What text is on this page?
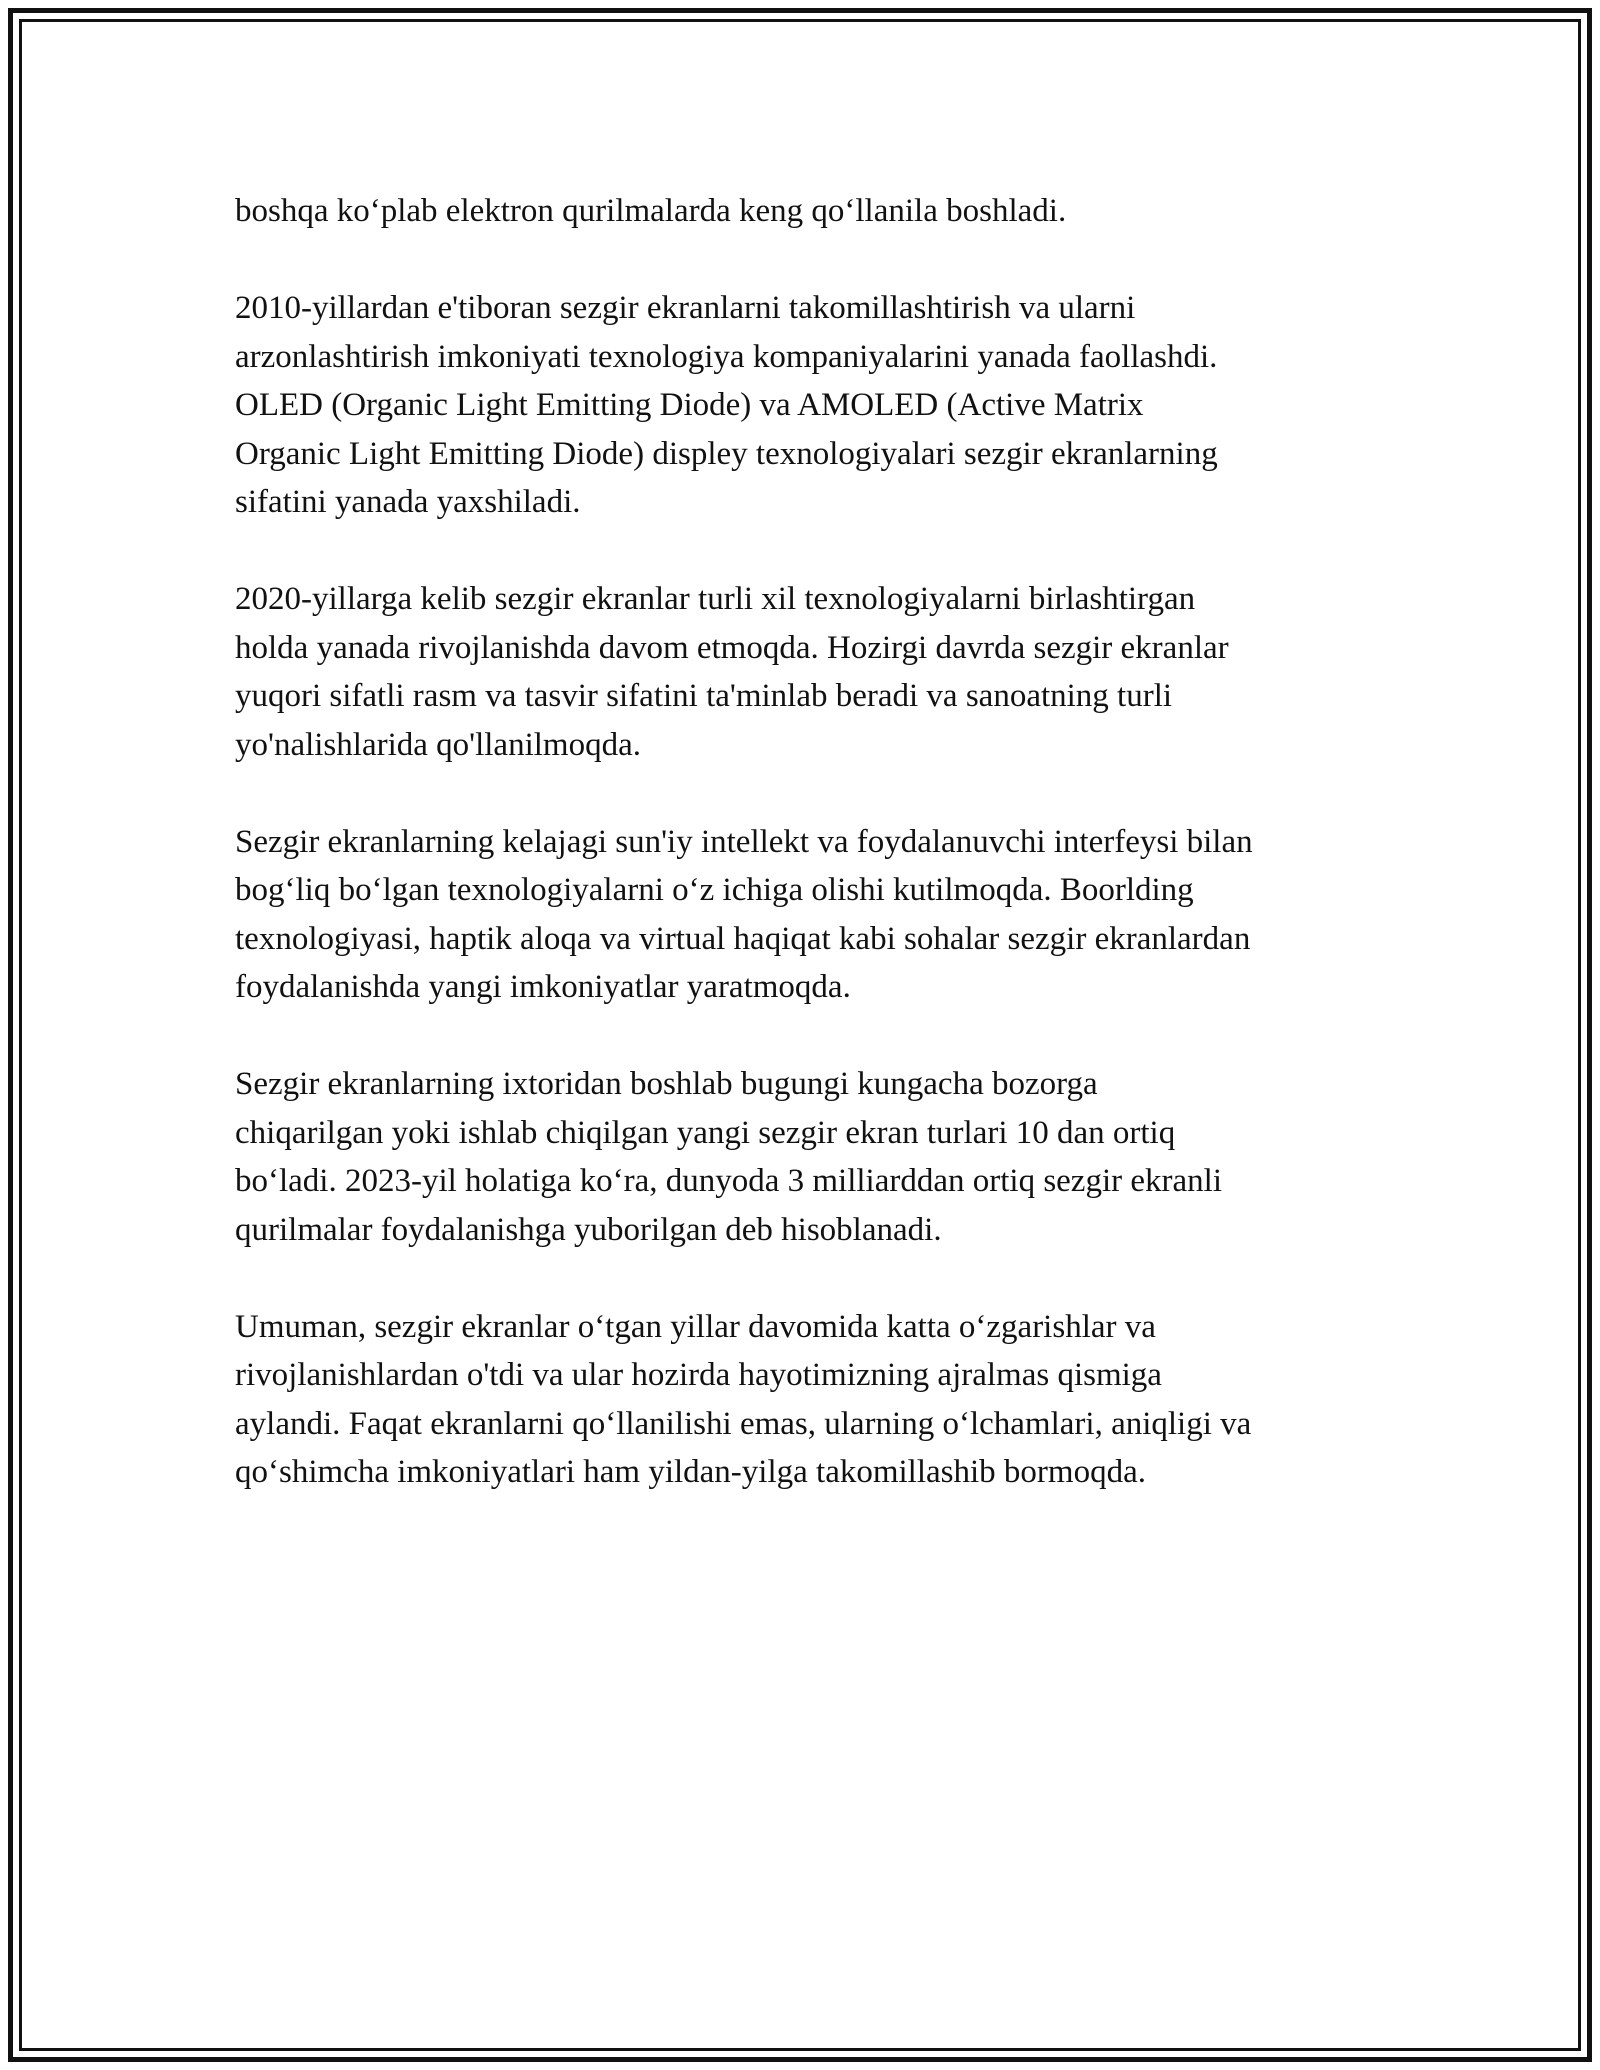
boshqa ko‘plab elektron qurilmalarda keng qo‘llanila boshladi.

2010-yillardan e'tiboran sezgir ekranlarni takomillashtirish va ularni
arzonlashtirish imkoniyati texnologiya kompaniyalarini yanada faollashdi.
OLED (Organic Light Emitting Diode) va AMOLED (Active Matrix
Organic Light Emitting Diode) displey texnologiyalari sezgir ekranlarning
sifatini yanada yaxshiladi.

2020-yillarga kelib sezgir ekranlar turli xil texnologiyalarni birlashtirgan
holda yanada rivojlanishda davom etmoqda. Hozirgi davrda sezgir ekranlar
yuqori sifatli rasm va tasvir sifatini ta'minlab beradi va sanoatning turli
yo'nalishlarida qo'llanilmoqda.

Sezgir ekranlarning kelajagi sun'iy intellekt va foydalanuvchi interfeysi bilan
bog‘liq bo‘lgan texnologiyalarni o‘z ichiga olishi kutilmoqda. Boorlding
texnologiyasi, haptik aloqa va virtual haqiqat kabi sohalar sezgir ekranlardan
foydalanishda yangi imkoniyatlar yaratmoqda.

Sezgir ekranlarning ixtoridan boshlab bugungi kungacha bozorga
chiqarilgan yoki ishlab chiqilgan yangi sezgir ekran turlari 10 dan ortiq
bo‘ladi. 2023-yil holatiga ko‘ra, dunyoda 3 milliarddan ortiq sezgir ekranli
qurilmalar foydalanishga yuborilgan deb hisoblanadi.

Umuman, sezgir ekranlar o‘tgan yillar davomida katta o‘zgarishlar va
rivojlanishlardan o'tdi va ular hozirda hayotimizning ajralmas qismiga
aylandi. Faqat ekranlarni qo‘llanilishi emas, ularning o‘lchamlari, aniqligi va
qo‘shimcha imkoniyatlari ham yildan-yilga takomillashib bormoqda.
